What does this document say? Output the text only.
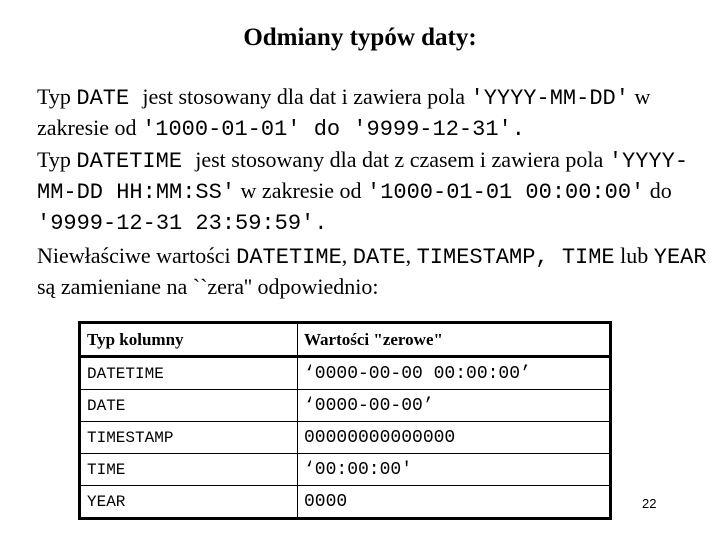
Odmiany typów daty:

Typ DATE jest stosowany dla dat i zawiera pola 'YYYY-MM-DD' w zakresie od '1000-01-01' do '9999-12-31'.

Typ DATETIME jest stosowany dla dat z czasem i zawiera pola 'YYYY-MM-DD HH:MM:SS' w zakresie od '1000-01-01 00:00:00' do '9999-12-31 23:59:59'.

Niewłaściwe wartości DATETIME, DATE, TIMESTAMP, TIME lub YEAR są zamieniane na ``zera'' odpowiednio:

Typ kolumny	Wartości "zerowe"
DATETIME	‘0000-00-00 00:00:00’
DATE	‘0000-00-00’
TIMESTAMP	00000000000000
TIME	‘00:00:00'
YEAR	0000	22
